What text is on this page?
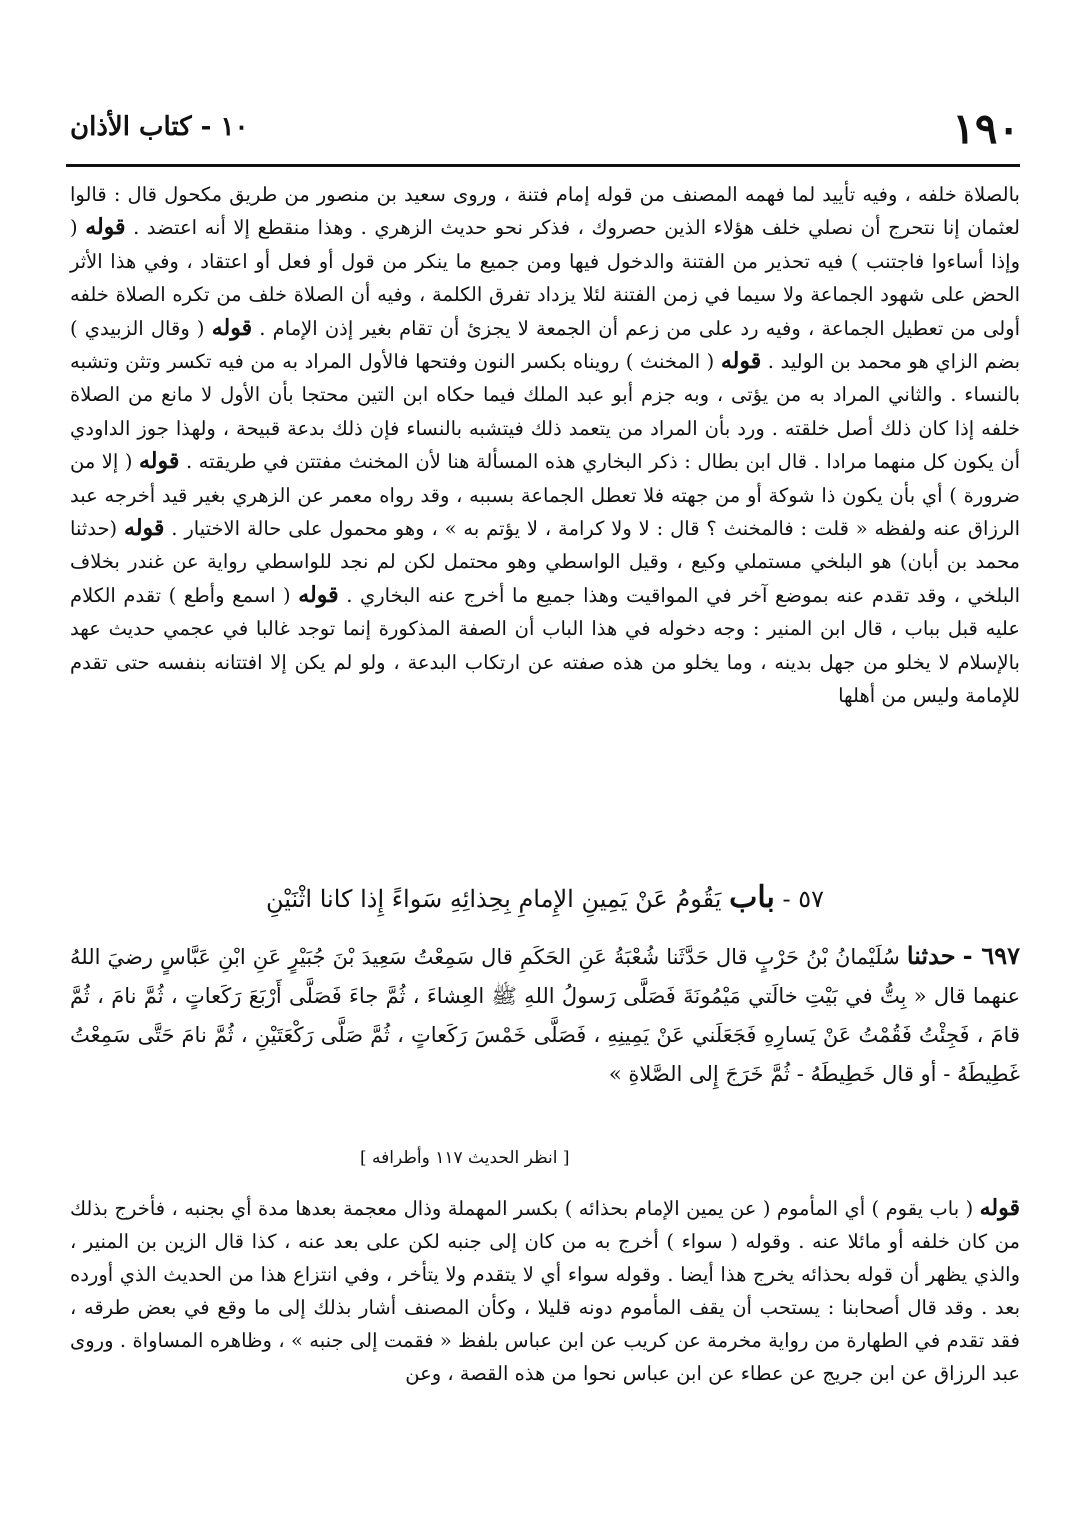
١٩٠
١٠ - كتاب الأذان
بالصلاة خلفه ، وفيه تأييد لما فهمه المصنف من قوله إمام فتنة ، وروى سعيد بن منصور من طريق مكحول قال : قالوا لعثمان إنا نتحرج أن نصلي خلف هؤلاء الذين حصروك ، فذكر نحو حديث الزهري . وهذا منقطع إلا أنه اعتضد . قوله ( وإذا أساءوا فاجتنب ) فيه تحذير من الفتنة والدخول فيها ومن جميع ما ينكر من قول أو فعل أو اعتقاد ، وفي هذا الأثر الحض على شهود الجماعة ولا سيما في زمن الفتنة لئلا يزداد تفرق الكلمة ، وفيه أن الصلاة خلف من تكره الصلاة خلفه أولى من تعطيل الجماعة ، وفيه رد على من زعم أن الجمعة لا يجزئ أن تقام بغير إذن الإمام . قوله ( وقال الزبيدي ) بضم الزاي هو محمد بن الوليد . قوله ( المخنث ) رويناه بكسر النون وفتحها فالأول المراد به من فيه تكسر وتثن وتشبه بالنساء . والثاني المراد به من يؤتى ، وبه جزم أبو عبد الملك فيما حكاه ابن التين محتجا بأن الأول لا مانع من الصلاة خلفه إذا كان ذلك أصل خلقته . ورد بأن المراد من يتعمد ذلك فيتشبه بالنساء فإن ذلك بدعة قبيحة ، ولهذا جوز الداودي أن يكون كل منهما مرادا . قال ابن بطال : ذكر البخاري هذه المسألة هنا لأن المخنث مفتتن في طريقته . قوله ( إلا من ضرورة ) أي بأن يكون ذا شوكة أو من جهته فلا تعطل الجماعة بسببه ، وقد رواه معمر عن الزهري بغير قيد أخرجه عبد الرزاق عنه ولفظه « قلت : فالمخنث ؟ قال : لا ولا كرامة ، لا يؤتم به » ، وهو محمول على حالة الاختيار . قوله (حدثنا محمد بن أبان) هو البلخي مستملي وكيع ، وقيل الواسطي وهو محتمل لكن لم نجد للواسطي رواية عن غندر بخلاف البلخي ، وقد تقدم عنه بموضع آخر في المواقيت وهذا جميع ما أخرج عنه البخاري . قوله ( اسمع وأطع ) تقدم الكلام عليه قبل بباب ، قال ابن المنير : وجه دخوله في هذا الباب أن الصفة المذكورة إنما توجد غالبا في عجمي حديث عهد بالإسلام لا يخلو من جهل بدينه ، وما يخلو من هذه صفته عن ارتكاب البدعة ، ولو لم يكن إلا افتتانه بنفسه حتى تقدم للإمامة وليس من أهلها
٥٧ - باب يَقُومُ عَنْ يَمِينِ الإِمامِ بِحِذائِهِ سَواءً إِذا كانا اثْنَيْنِ
٦٩٧ - حدثنا سُلَيْمانُ بْنُ حَرْبٍ قال حَدَّثَنا شُعْبَةُ عَنِ الحَكَمِ قال سَمِعْتُ سَعِيدَ بْنَ جُبَيْرٍ عَنِ ابْنِ عَبَّاسٍ رضيَ اللهُ عنهما قال « بِتُّ في بَيْتِ خالَتي مَيْمُونَةَ فَصَلَّى رَسولُ اللهِ ﷺ العِشاءَ ، ثُمَّ جاءَ فَصَلَّى أَرْبَعَ رَكَعاتٍ ، ثُمَّ نامَ ، ثُمَّ قامَ ، فَجِئْتُ فَقُمْتُ عَنْ يَسارِهِ فَجَعَلَني عَنْ يَمِينِهِ ، فَصَلَّى خَمْسَ رَكَعاتٍ ، ثُمَّ صَلَّى رَكْعَتَيْنِ ، ثُمَّ نامَ حَتَّى سَمِعْتُ غَطِيطَهُ - أو قال خَطِيطَهُ - ثُمَّ خَرَجَ إِلى الصَّلاةِ »
[ انظر الحديث ١١٧ وأطرافه ]
قوله ( باب يقوم ) أي المأموم ( عن يمين الإمام بحذائه ) بكسر المهملة وذال معجمة بعدها مدة أي بجنبه ، فأخرج بذلك من كان خلفه أو مائلا عنه . وقوله ( سواء ) أخرج به من كان إلى جنبه لكن على بعد عنه ، كذا قال الزين بن المنير ، والذي يظهر أن قوله بحذائه يخرج هذا أيضا . وقوله سواء أي لا يتقدم ولا يتأخر ، وفي انتزاع هذا من الحديث الذي أورده بعد . وقد قال أصحابنا : يستحب أن يقف المأموم دونه قليلا ، وكأن المصنف أشار بذلك إلى ما وقع في بعض طرقه ، فقد تقدم في الطهارة من رواية مخرمة عن كريب عن ابن عباس بلفظ « فقمت إلى جنبه » ، وظاهره المساواة . وروى عبد الرزاق عن ابن جريج عن عطاء عن ابن عباس نحوا من هذه القصة ، وعن
